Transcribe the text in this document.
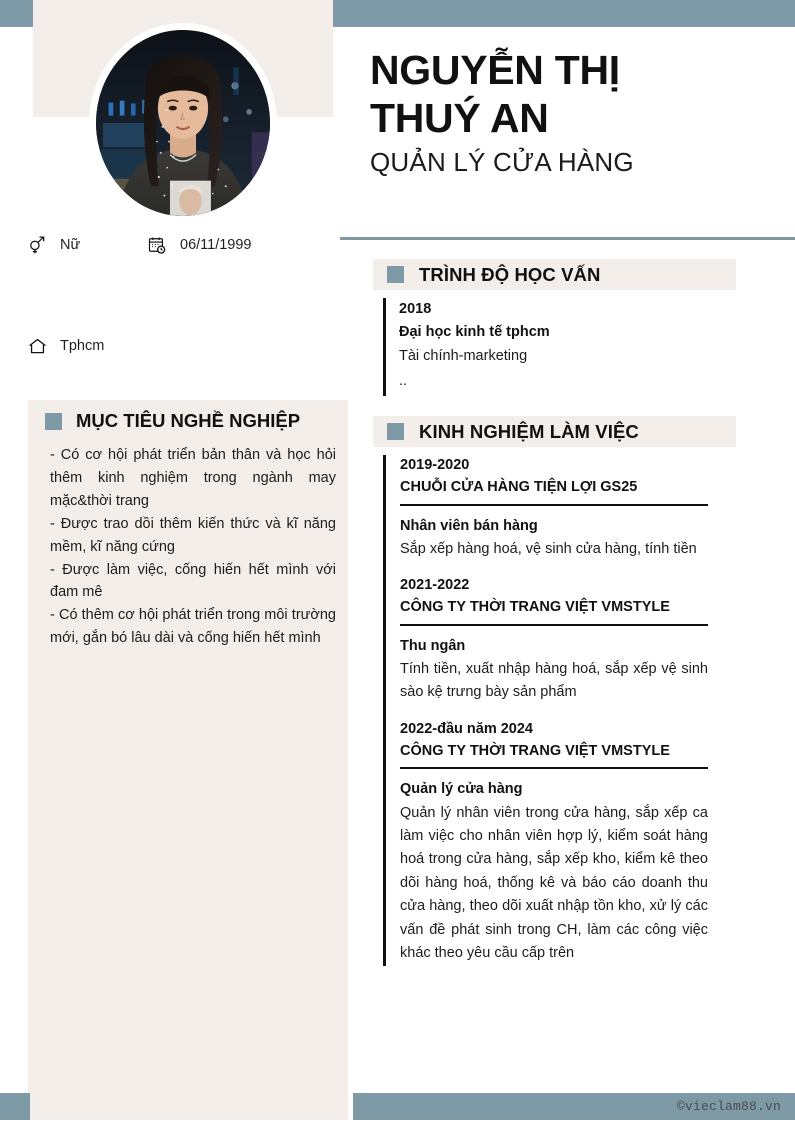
Nữ	06/11/1999
Tphcm
NGUYỄN THỊ
THUÝ AN
QUẢN LÝ CỬA HÀNG
TRÌNH ĐỘ HỌC VẤN
2018
Đại học kinh tế tphcm
Tài chính-marketing
..
MỤC TIÊU NGHỀ NGHIỆP

- Có cơ hội phát triển bản thân và học hỏi thêm kinh nghiệm trong ngành may mặc&thời trang

- Được trao dồi thêm kiến thức và kĩ năng mềm, kĩ năng cứng

- Được làm việc, cống hiến hết mình với đam mê

- Có thêm cơ hội phát triển trong môi trường mới, gắn bó lâu dài và cống hiến hết mình

KINH NGHIỆM LÀM VIỆC
2019-2020
CHUỖI CỬA HÀNG TIỆN LỢI GS25
Nhân viên bán hàng
Sắp xếp hàng hoá, vệ sinh cửa hàng, tính tiền
2021-2022
CÔNG TY THỜI TRANG VIỆT VMSTYLE
Thu ngân
Tính tiền, xuất nhập hàng hoá, sắp xếp vệ sinh sào kệ trưng bày sản phẩm
2022-đầu năm 2024
CÔNG TY THỜI TRANG VIỆT VMSTYLE
Quản lý cửa hàng
Quản lý nhân viên trong cửa hàng, sắp xếp ca làm việc cho nhân viên hợp lý, kiểm soát hàng hoá trong cửa hàng, sắp xếp kho, kiểm kê theo dõi hàng hoá, thống kê và báo cáo doanh thu cửa hàng, theo dõi xuất nhập tồn kho, xử lý các vấn đề phát sinh trong CH, làm các công việc khác theo yêu cầu cấp trên
©vieclam88.vn
